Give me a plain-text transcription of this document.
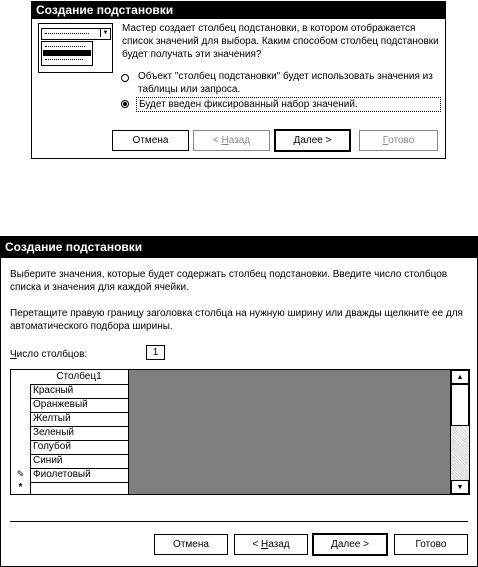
Создание подстановки
▼ Мастер создает столбец подстановки, в котором отображается список значений для выбора. Каким способом столбец подстановки будет получать эти значения?
Объект "столбец подстановки" будет использовать значения из таблицы или запроса.
Будет введен фиксированный набор значений.
Отмена	< Н азад	Д алее >	Г отово
Создание подстановки
Выберите значения, которые будет содержать столбец подстановки. Введите число столбцов списка и значения для каждой ячейки.
Перетащите правую границу заголовка столбца на нужную ширину или дважды щелкните ее для автоматического подбора ширины.
Число столбцов:	1
Столбец1
Красный
Оранжевый
Желтый
Зеленый
Голубой
Синий
✎ Фиолетовый
*
▲
▼
Отмена	< Н азад	Д алее >	Готово
